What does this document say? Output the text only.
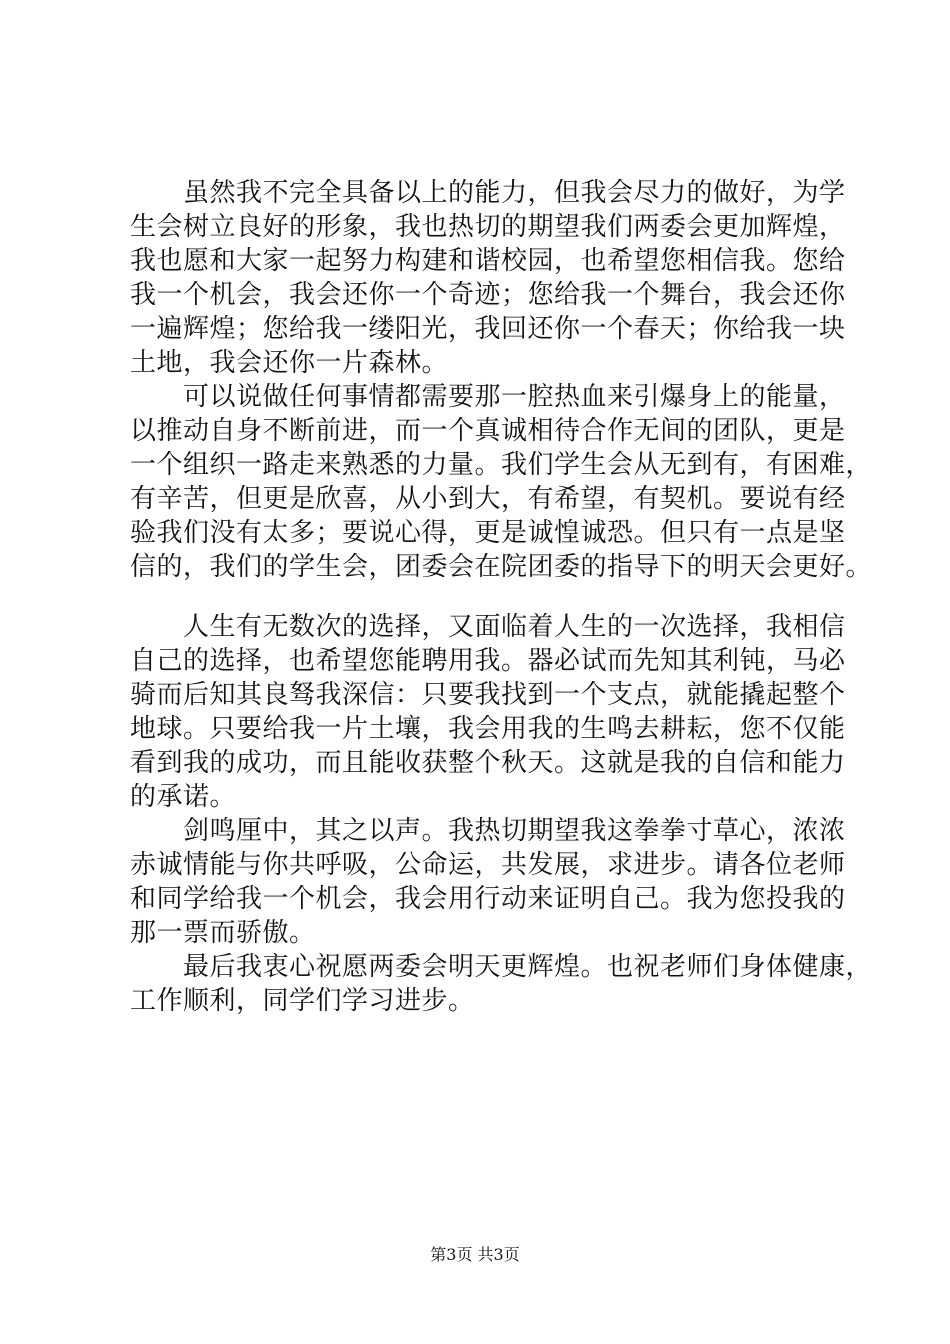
　　虽然我不完全具备以上的能力，但我会尽力的做好，为学
生会树立良好的形象，我也热切的期望我们两委会更加辉煌，
我也愿和大家一起努力构建和谐校园，也希望您相信我。您给
我一个机会，我会还你一个奇迹；您给我一个舞台，我会还你
一遍辉煌；您给我一缕阳光，我回还你一个春天；你给我一块
土地，我会还你一片森林。
　　可以说做任何事情都需要那一腔热血来引爆身上的能量，
以推动自身不断前进，而一个真诚相待合作无间的团队，更是
一个组织一路走来熟悉的力量。我们学生会从无到有，有困难，
有辛苦，但更是欣喜，从小到大，有希望，有契机。要说有经
验我们没有太多；要说心得，更是诚惶诚恐。但只有一点是坚
信的，我们的学生会，团委会在院团委的指导下的明天会更好。
　　人生有无数次的选择，又面临着人生的一次选择，我相信
自己的选择，也希望您能聘用我。器必试而先知其利钝，马必
骑而后知其良驽我深信：只要我找到一个支点，就能撬起整个
地球。只要给我一片土壤，我会用我的生鸣去耕耘，您不仅能
看到我的成功，而且能收获整个秋天。这就是我的自信和能力
的承诺。
　　剑鸣厘中，其之以声。我热切期望我这拳拳寸草心，浓浓
赤诚情能与你共呼吸，公命运，共发展，求进步。请各位老师
和同学给我一个机会，我会用行动来证明自己。我为您投我的
那一票而骄傲。
　　最后我衷心祝愿两委会明天更辉煌。也祝老师们身体健康，
工作顺利，同学们学习进步。
第3页 共3页
